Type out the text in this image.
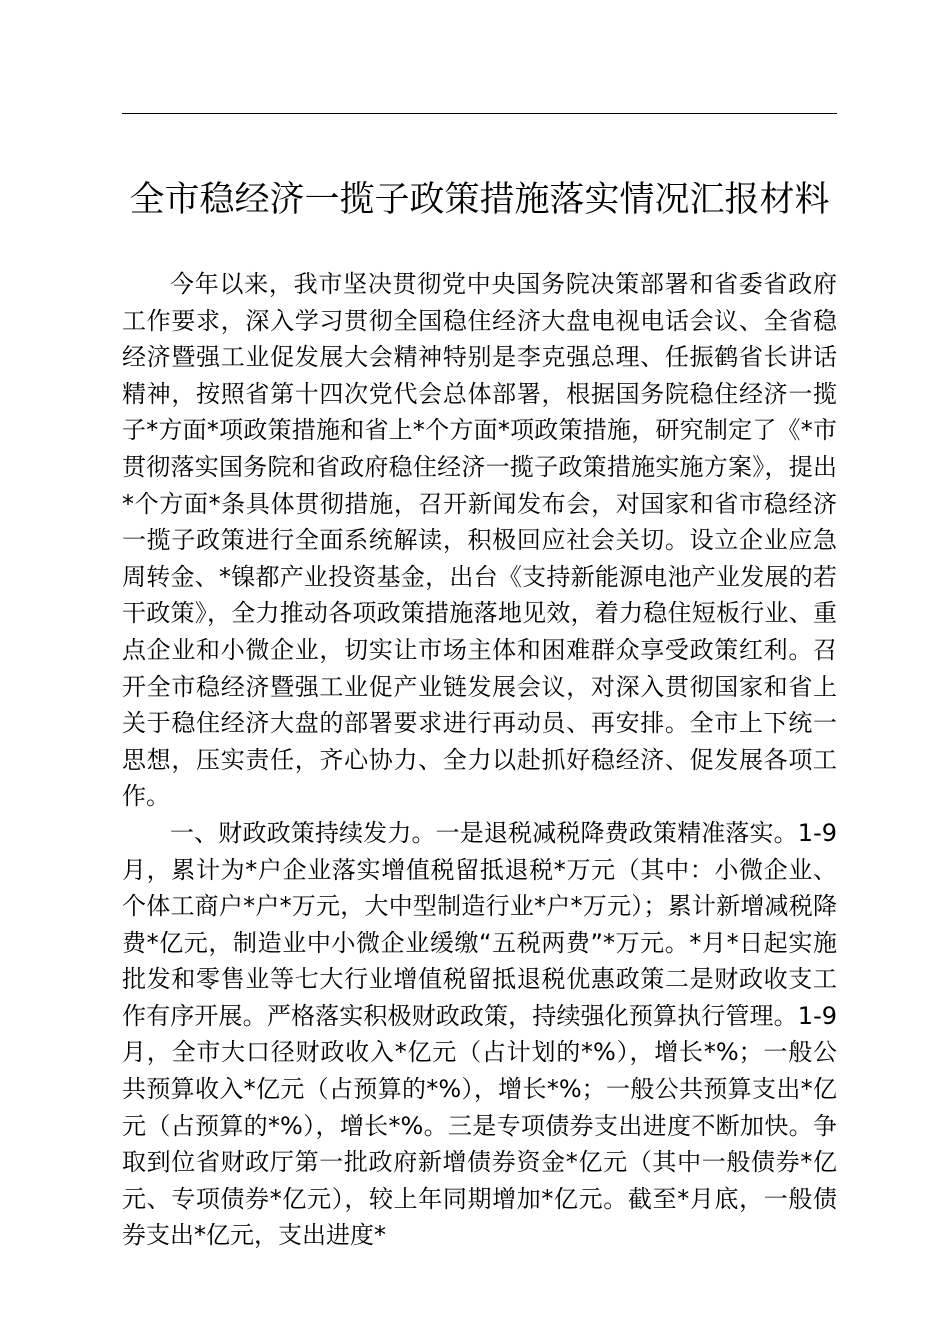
全市稳经济一揽子政策措施落实情况汇报材料

今年以来，我市坚决贯彻党中央国务院决策部署和省委省政府工作要求，深入学习贯彻全国稳住经济大盘电视电话会议、全省稳经济暨强工业促发展大会精神特别是李克强总理、任振鹤省长讲话精神，按照省第十四次党代会总体部署，根据国务院稳住经济一揽子*方面*项政策措施和省上*个方面*项政策措施，研究制定了《*市贯彻落实国务院和省政府稳住经济一揽子政策措施实施方案》，提出*个方面*条具体贯彻措施，召开新闻发布会，对国家和省市稳经济一揽子政策进行全面系统解读，积极回应社会关切。设立企业应急周转金、*镍都产业投资基金，出台《支持新能源电池产业发展的若干政策》，全力推动各项政策措施落地见效，着力稳住短板行业、重点企业和小微企业，切实让市场主体和困难群众享受政策红利。召开全市稳经济暨强工业促产业链发展会议，对深入贯彻国家和省上关于稳住经济大盘的部署要求进行再动员、再安排。全市上下统一思想，压实责任，齐心协力、全力以赴抓好稳经济、促发展各项工作。

一、财政政策持续发力。一是退税减税降费政策精准落实。1-9月，累计为*户企业落实增值税留抵退税*万元（其中：小微企业、个体工商户*户*万元，大中型制造行业*户*万元）；累计新增减税降费*亿元，制造业中小微企业缓缴“五税两费”*万元。*月*日起实施批发和零售业等七大行业增值税留抵退税优惠政策二是财政收支工作有序开展。严格落实积极财政政策，持续强化预算执行管理。1-9月，全市大口径财政收入*亿元（占计划的*%），增长*%；一般公共预算收入*亿元（占预算的*%），增长*%；一般公共预算支出*亿元（占预算的*%），增长*%。三是专项债券支出进度不断加快。争取到位省财政厅第一批政府新增债券资金*亿元（其中一般债券*亿元、专项债券*亿元），较上年同期增加*亿元。截至*月底，一般债券支出*亿元，支出进度*
